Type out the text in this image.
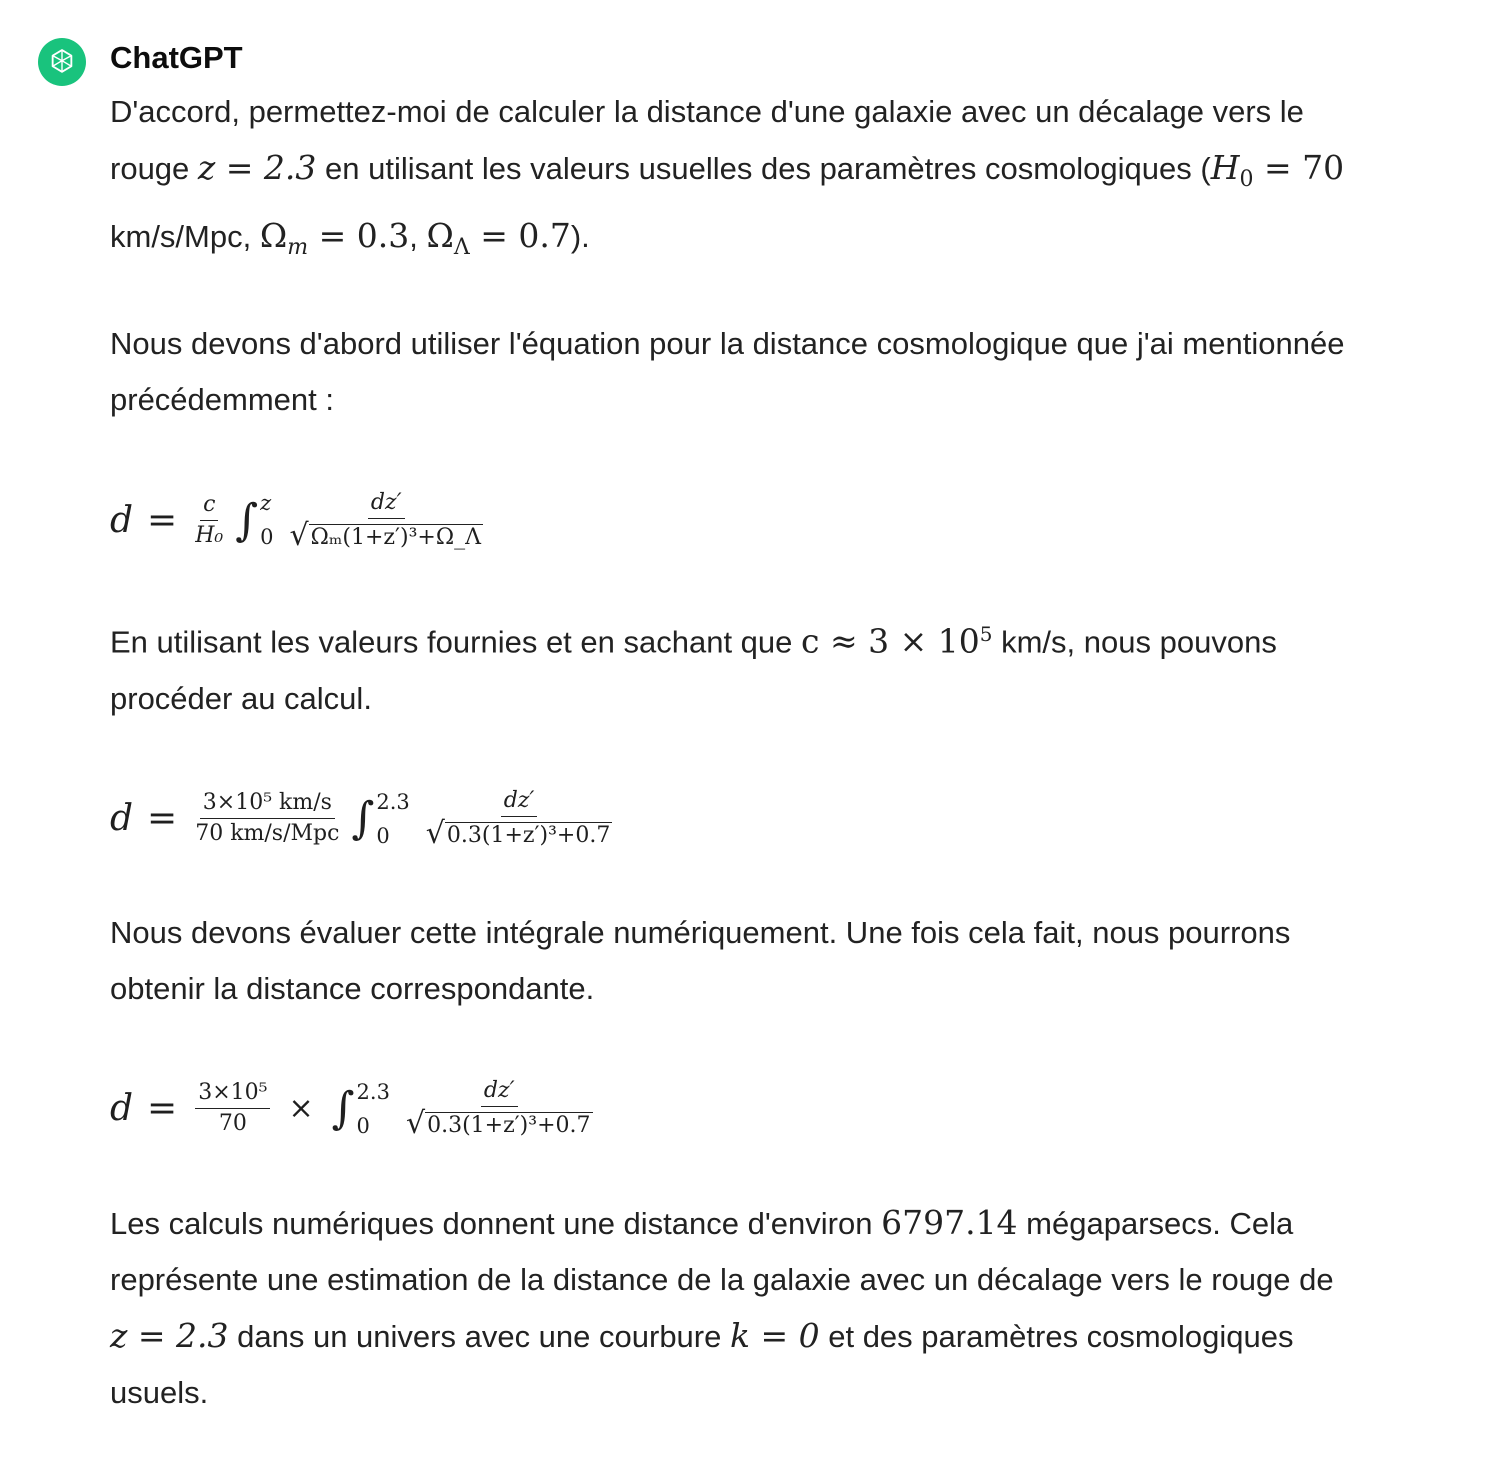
ChatGPT

D'accord, permettez-moi de calculer la distance d'une galaxie avec un décalage vers le rouge z = 2.3 en utilisant les valeurs usuelles des paramètres cosmologiques ($H_0 = 70$ km/s/Mpc, $\Omega_m = 0.3$, $\Omega_\Lambda = 0.7$).

Nous devons d'abord utiliser l'équation pour la distance cosmologique que j'ai mentionnée précédemment :

$d = \frac{c}{\text{H₀}}$ ∫ z
$0 \frac{dz'}{\text{√ Ωₘ(1+z′)³+Ω\_Λ}}$

En utilisant les valeurs fournies et en sachant que $c \approx 3 \times 10^5$ km/s, nous pouvons procéder au calcul.

$d = \frac{\text{3×10⁵ km/s}}{\text{70 km/s/Mpc}}$ ∫ 2.3
0	$\frac{dz'}{\text{√ 0.3(1+z′)³+0.7}}$

Nous devons évaluer cette intégrale numériquement. Une fois cela fait, nous pourrons obtenir la distance correspondante.

$d = \frac{\text{3×10⁵}}{70}$ × ∫ 2.3
0	$\frac{dz'}{\text{√ 0.3(1+z′)³+0.7}}$

Les calculs numériques donnent une distance d'environ 6797.14 mégaparsecs. Cela représente une estimation de la distance de la galaxie avec un décalage vers le rouge de z = 2.3 dans un univers avec une courbure k = 0 et des paramètres cosmologiques usuels.
